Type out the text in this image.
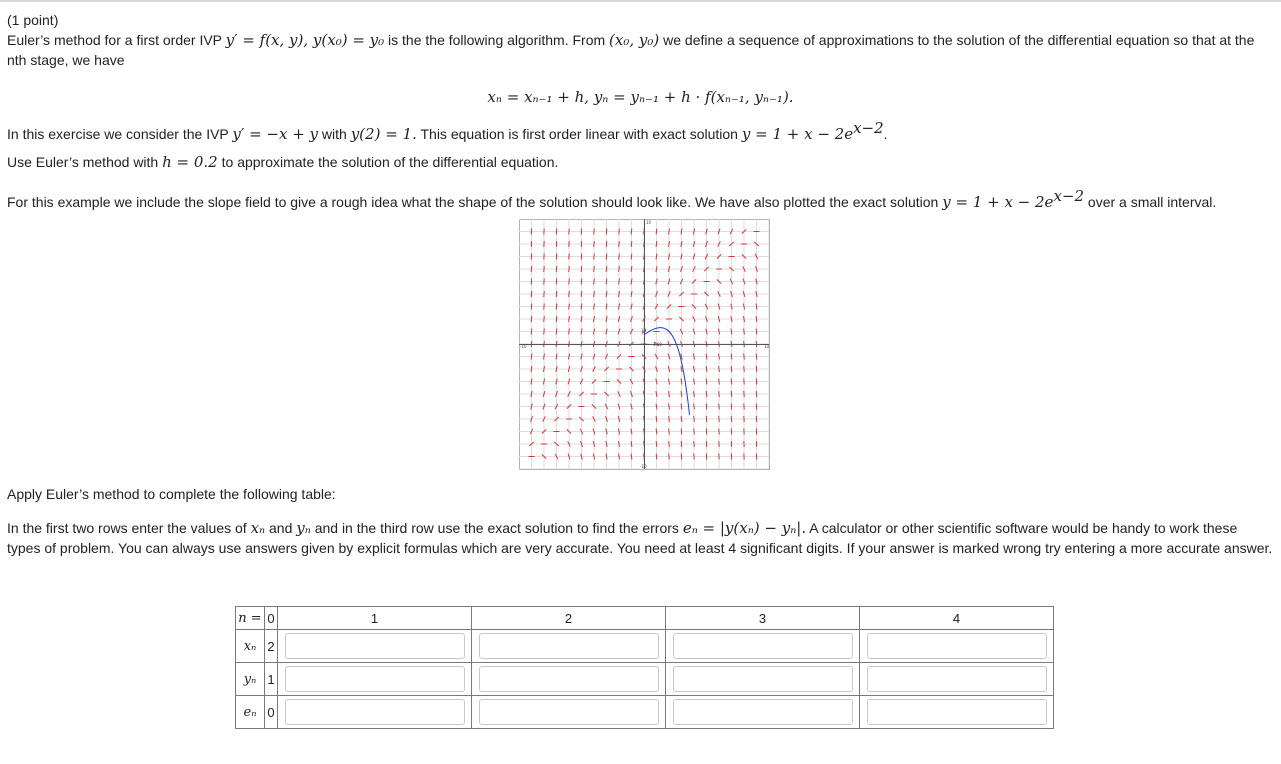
(1 point)
Euler’s method for a first order IVP y′ = f(x, y), y(x₀) = y₀ is the the following algorithm. From (x₀, y₀) we define a sequence of approximations to the solution of the differential equation so that at the
nth stage, we have
xₙ = xₙ₋₁ + h, yₙ = yₙ₋₁ + h · f(xₙ₋₁, yₙ₋₁).
In this exercise we consider the IVP y′ = −x + y with y(2) = 1. This equation is first order linear with exact solution $y = 1 + x - 2e^{x-2}$.
Use Euler’s method with h = 0.2 to approximate the solution of the differential equation.
For this example we include the slope field to give a rough idea what the shape of the solution should look like. We have also plotted the exact solution $y = 1 + x - 2e^{x-2}$ over a small interval.
10
-10
-10	10
1.00
10
Apply Euler’s method to complete the following table:
In the first two rows enter the values of xₙ and yₙ and in the third row use the exact solution to find the errors eₙ = |y(xₙ) − yₙ|. A calculator or other scientific software would be handy to work these
types of problem. You can always use answers given by explicit formulas which are very accurate. You need at least 4 significant digits. If your answer is marked wrong try entering a more accurate answer.
n =	0	1	2	3	4
xₙ	2	

yₙ	1	

eₙ	0	
